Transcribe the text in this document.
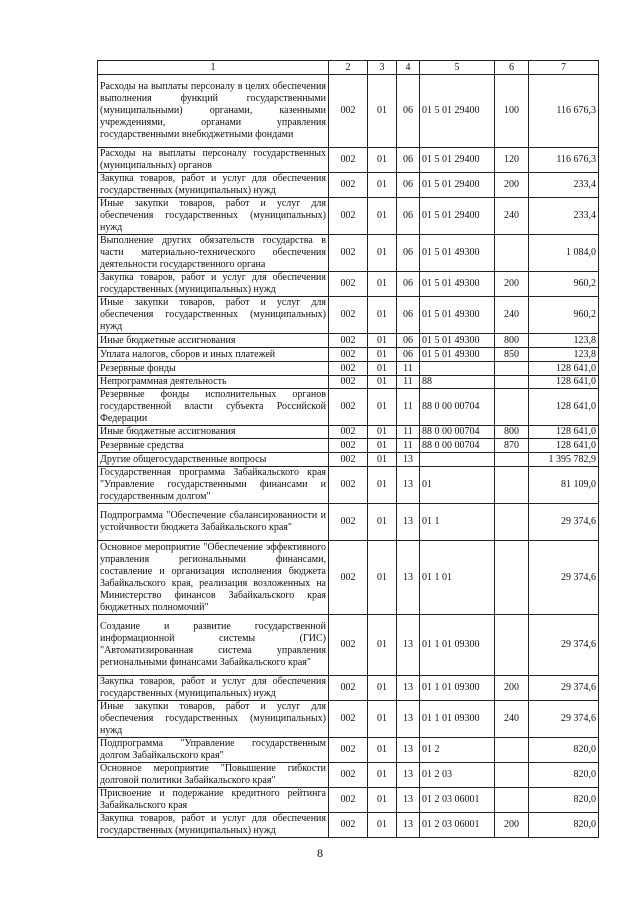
1	2	3	4	5	6	7
Расходы на выплаты персоналу в целях обеспечения выполнения функций государственными (муниципальными) органами, казенными учреждениями, органами управления государственными внебюджетными фондами	002	01	06	01 5 01 29400	100	116 676,3
Расходы на выплаты персоналу государственных (муниципальных) органов	002	01	06	01 5 01 29400	120	116 676,3
Закупка товаров, работ и услуг для обеспечения государственных (муниципальных) нужд	002	01	06	01 5 01 29400	200	233,4
Иные закупки товаров, работ и услуг для обеспечения государственных (муниципальных) нужд	002	01	06	01 5 01 29400	240	233,4
Выполнение других обязательств государства в части материально-технического обеспечения деятельности государственного органа	002	01	06	01 5 01 49300		1 084,0
Закупка товаров, работ и услуг для обеспечения государственных (муниципальных) нужд	002	01	06	01 5 01 49300	200	960,2
Иные закупки товаров, работ и услуг для обеспечения государственных (муниципальных) нужд	002	01	06	01 5 01 49300	240	960,2
Иные бюджетные ассигнования	002	01	06	01 5 01 49300	800	123,8
Уплата налогов, сборов и иных платежей	002	01	06	01 5 01 49300	850	123,8
Резервные фонды	002	01	11			128 641,0
Непрограммная деятельность	002	01	11	88		128 641,0
Резервные фонды исполнительных органов государственной власти субъекта Российской Федерации	002	01	11	88 0 00 00704		128 641,0
Иные бюджетные ассигнования	002	01	11	88 0 00 00704	800	128 641,0
Резервные средства	002	01	11	88 0 00 00704	870	128 641,0
Другие общегосударственные вопросы	002	01	13			1 395 782,9
Государственная программа Забайкальского края "Управление государственными финансами и государственным долгом"	002	01	13	01		81 109,0
Подпрограмма "Обеспечение сбалансированности и устойчивости бюджета Забайкальского края"	002	01	13	01 1		29 374,6
Основное мероприятие "Обеспечение эффективного управления региональными финансами, составление и организация исполнения бюджета Забайкальского края, реализация возложенных на Министерство финансов Забайкальского края бюджетных полномочий"	002	01	13	01 1 01		29 374,6
Создание и развитие государственной информационной системы (ГИС) "Автоматизированная система управления региональными финансами Забайкальского края"	002	01	13	01 1 01 09300		29 374,6
Закупка товаров, работ и услуг для обеспечения государственных (муниципальных) нужд	002	01	13	01 1 01 09300	200	29 374,6
Иные закупки товаров, работ и услуг для обеспечения государственных (муниципальных) нужд	002	01	13	01 1 01 09300	240	29 374,6
Подпрограмма "Управление государственным долгом Забайкальского края"	002	01	13	01 2		820,0
Основное мероприятие "Повышение гибкости долговой политики Забайкальского края"	002	01	13	01 2 03		820,0
Присвоение и подержание кредитного рейтинга Забайкальского края	002	01	13	01 2 03 06001		820,0
Закупка товаров, работ и услуг для обеспечения государственных (муниципальных) нужд	002	01	13	01 2 03 06001	200	820,0
8
